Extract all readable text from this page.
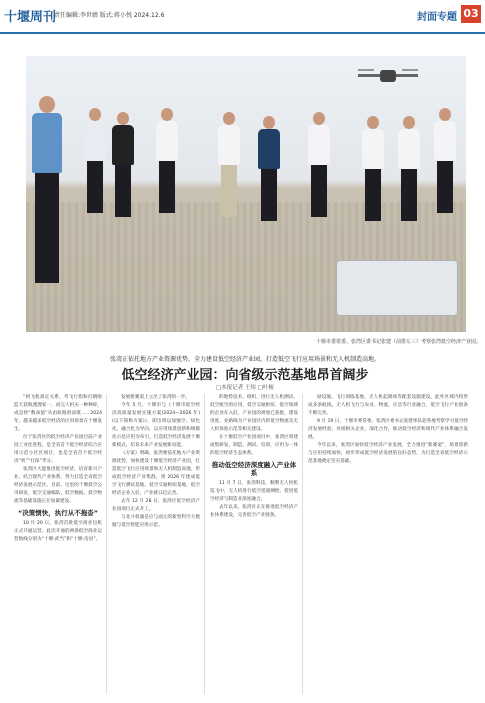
十堰周刊
责任编辑:李世婧 版式:蒋小悦 2024.12.6	封面专题 03
十堰市委常委、张湾区委书记张建（前排左三）考察张湾低空经济产业园。
张湾正依托地方产业资源优势，全力建设低空经济产业园，打造低空飞行应用场景和无人机制造高地。
低空经济产业园：向省级示范基地昂首阔步
□本报记者 王炜 □叶梳

“阿飞机准定关系，考飞行指和打晴啦监天获航透理家一，而完人机买一种种碎，成是将“数命值”从由轨路滑添既……2024 年，越来越多低空经济的应用场景在十堰发生。

位于张湾区的低空经济产业园目前产业园工业化进程，是全省首个低空经济综合应用示范小区区项目，也是全省首个低空经济“机”“打探”齐分。

张湾区大能推进低空经济，培育新兴产业，结合现代产业体系，努力打造全省低空经济发展示范区。目前，这里的十堰低空公司研发，低空交通编队、低空数据、低空物流等基础设施正在加紧建设。

“决策惯快，执行从不拖沓”

10 月 20 日，张湾首批低空商业包机正式开通运营。此次开通的两条低空商业运营航线分别为“十堰-武当”和“十堰-房县”。

发展新赛道上立出了张湾的一步。

今年 5 月，十堰市与《十堰市低空经济高质量发展实施方案(2024—2026 年)(以下简称方案)》，即出将以加强空、绿色化、融合化为导向，以应用场景创新和规模化示范应用为牵引，打造低空经济发展十堰新模式，培育未来产业发展新动能。

《方案》明确，张湾要依托地方产业资源优势，加快建设十堰低空经济产业园，打造低空飞行应用场景和无人机制造高地，形成低空经济产业集群，到 2026 年建成低空飞行测试基地、低空交通枢纽基地，低空经济企业入驻，产业链日趋完善。

去年 12 月 28 日，张湾区低空经济产业园项目正式开工。

与北斗机器是应与面元的新型科空大数服与低空智能应用示范。

的地势技术，组织，进行无人机测试，低空航空的应用，低空交通枢纽、低空领域的企业在入驻，产业园的规划已获批，建设进度，业路线为产业园区内的低空物流及无人机体验示范等相关建设。

在十堰低空产业园项目中，张湾区将建成集研发、制造、测试、培训、应用为一体的低空经济生态体系。

推动低空经济深度融入产业体系

11 月 7 日，张湾科技，顺利无人机机巡飞中，无人机进行低空遥感测绘，促进低空经济与制造业深度融合。

去年以来，张湾区正在推进低空经济产业体系建设，完善低空产业链条。

励设施、飞行训练基地、无人机起降场等配套设施建设，此外区域内将形成多条航线，无人机飞行与农业、物流、应急等行业融合，低空飞行产业链条不断完善。

9 月 19 日，十堰市委常委、张湾区委书记张建率队赴各地考察学习低空经济发展经验，对接相关企业，深化合作，推动低空经济和现代产业体系融合发展。

今年以来，张湾区加快低空经济产业发展，全力推进“新赛道”，场景创新与应用持续加快，初步形成低空经济发展的良好态势，为打造全省低空经济示范基地奠定坚实基础。
